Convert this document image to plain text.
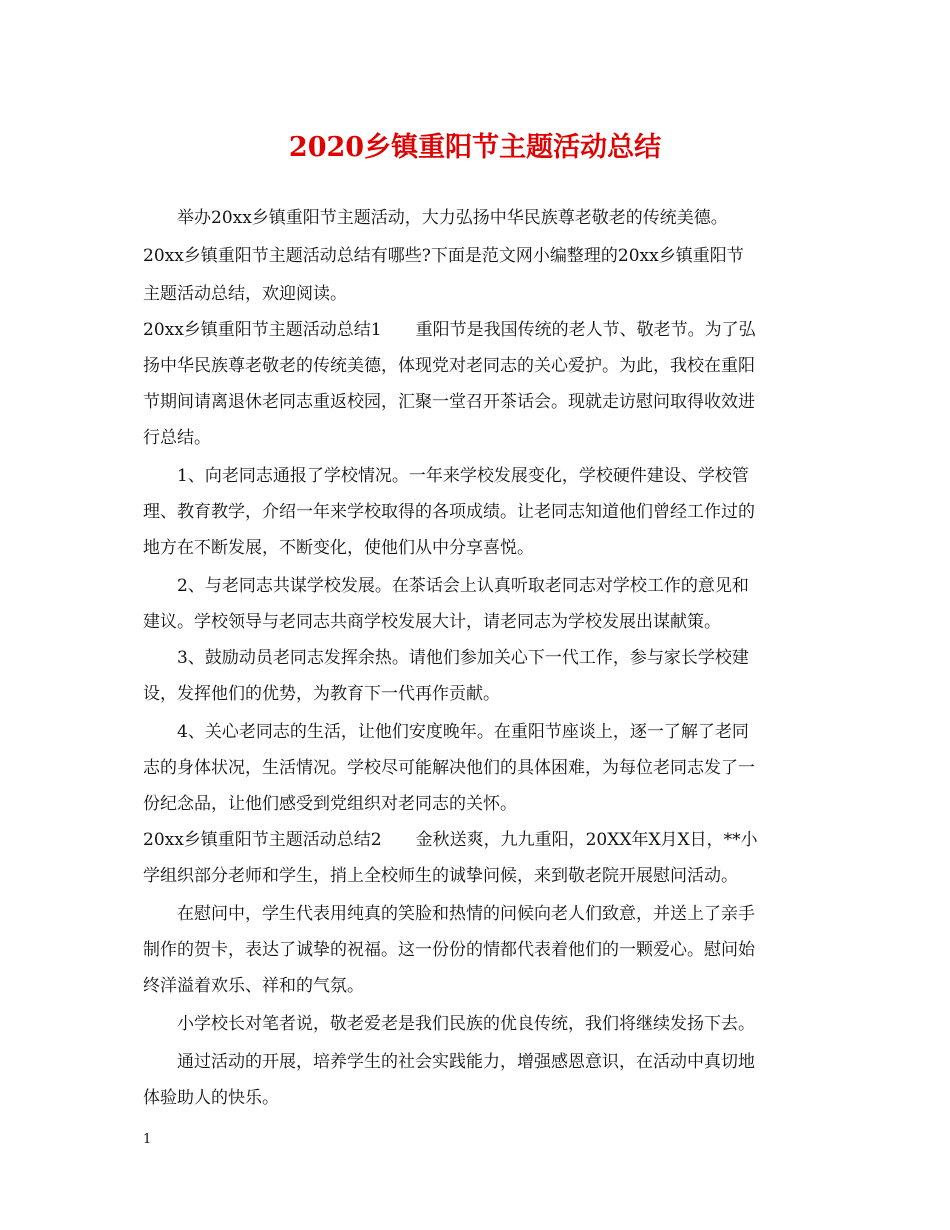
2020乡镇重阳节主题活动总结

　　举办20xx乡镇重阳节主题活动，大力弘扬中华民族尊老敬老的传统美德。

20xx乡镇重阳节主题活动总结有哪些?下面是范文网小编整理的20xx乡镇重阳节

主题活动总结，欢迎阅读。

20xx乡镇重阳节主题活动总结1　　重阳节是我国传统的老人节、敬老节。为了弘

扬中华民族尊老敬老的传统美德，体现党对老同志的关心爱护。为此，我校在重阳

节期间请离退休老同志重返校园，汇聚一堂召开茶话会。现就走访慰问取得收效进

行总结。

　　1、向老同志通报了学校情况。一年来学校发展变化，学校硬件建设、学校管

理、教育教学，介绍一年来学校取得的各项成绩。让老同志知道他们曾经工作过的

地方在不断发展，不断变化，使他们从中分享喜悦。

　　2、与老同志共谋学校发展。在茶话会上认真听取老同志对学校工作的意见和

建议。学校领导与老同志共商学校发展大计，请老同志为学校发展出谋献策。

　　3、鼓励动员老同志发挥余热。请他们参加关心下一代工作，参与家长学校建

设，发挥他们的优势，为教育下一代再作贡献。

　　4、关心老同志的生活，让他们安度晚年。在重阳节座谈上，逐一了解了老同

志的身体状况，生活情况。学校尽可能解决他们的具体困难，为每位老同志发了一

份纪念品，让他们感受到党组织对老同志的关怀。

20xx乡镇重阳节主题活动总结2　　金秋送爽，九九重阳，20XX年X月X日，**小

学组织部分老师和学生，捎上全校师生的诚挚问候，来到敬老院开展慰问活动。

　　在慰问中，学生代表用纯真的笑脸和热情的问候向老人们致意，并送上了亲手

制作的贺卡，表达了诚挚的祝福。这一份份的情都代表着他们的一颗爱心。慰问始

终洋溢着欢乐、祥和的气氛。

　　小学校长对笔者说，敬老爱老是我们民族的优良传统，我们将继续发扬下去。

　　通过活动的开展，培养学生的社会实践能力，增强感恩意识，在活动中真切地

体验助人的快乐。

1
